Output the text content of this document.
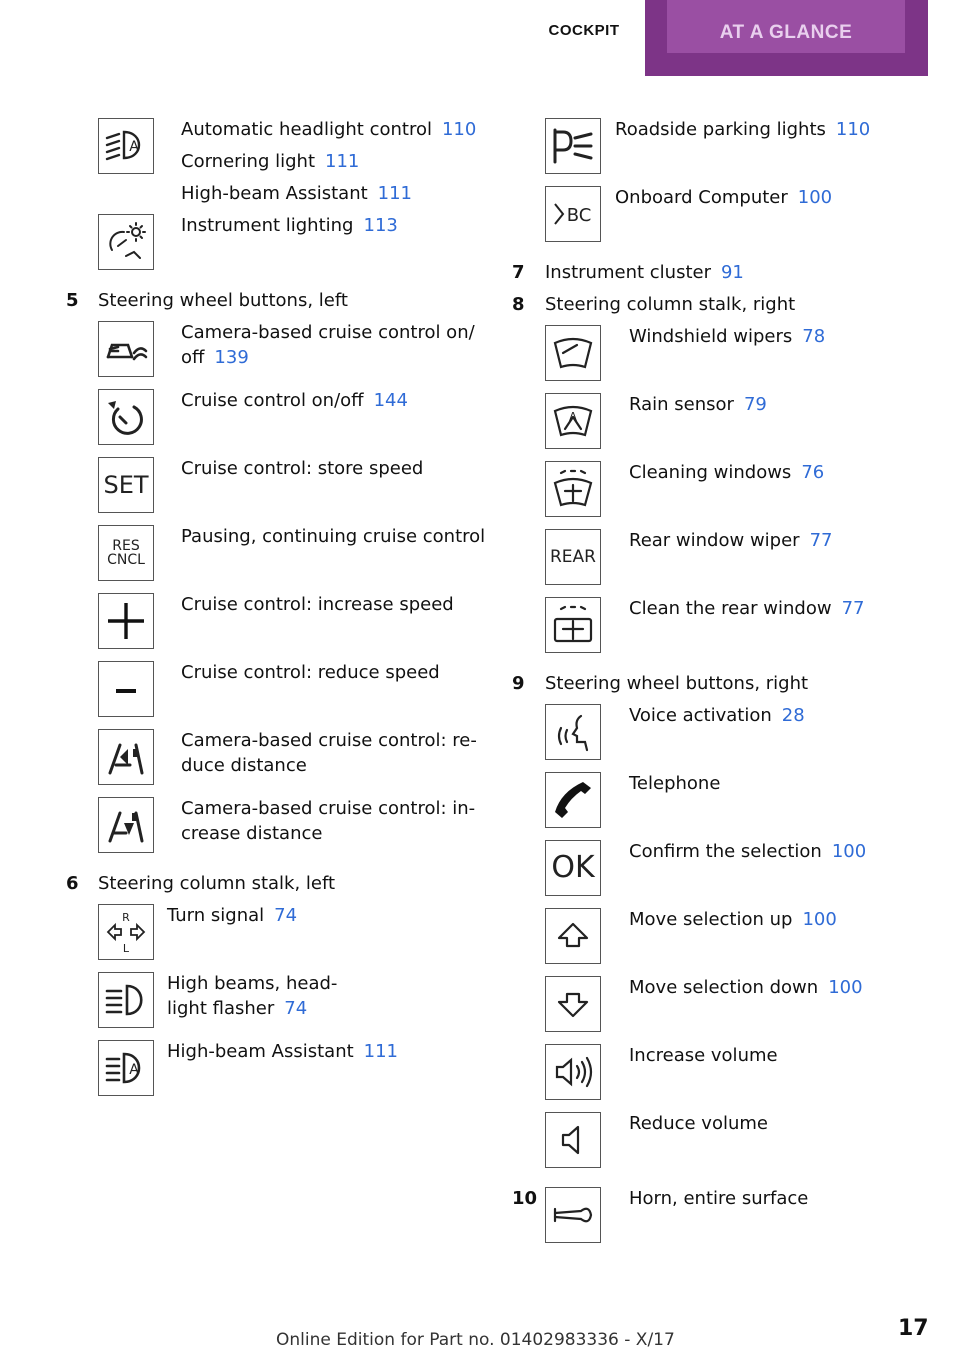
COCKPIT	AT A GLANCE
A
Automatic headlight control 110
Cornering light 111
High-beam Assistant 111
Instrument lighting 113
5 Steering wheel buttons, left
Camera-based cruise control on/
off 139
Cruise control on/off 144
SET
Cruise control: store speed
RES
CNCL
Pausing, continuing cruise control
Cruise control: increase speed
Cruise control: reduce speed
Camera-based cruise control: re-
duce distance
Camera-based cruise control: in-
crease distance
6 Steering column stalk, left
R
L
Turn signal 74
High beams, head-
light flasher 74
A
High-beam Assistant 111
Roadside parking lights 110
BC
Onboard Computer 100
7 Instrument cluster 91
8 Steering column stalk, right
Windshield wipers 78
A
Rain sensor 79
Cleaning windows 76
REAR
Rear window wiper 77
Clean the rear window 77
9 Steering wheel buttons, right
Voice activation 28
Telephone
OK Confirm the selection 100
Move selection up 100
Move selection down 100
Increase volume
Reduce volume
10	Horn, entire surface
Online Edition for Part no. 01402983336 - X/17	17
